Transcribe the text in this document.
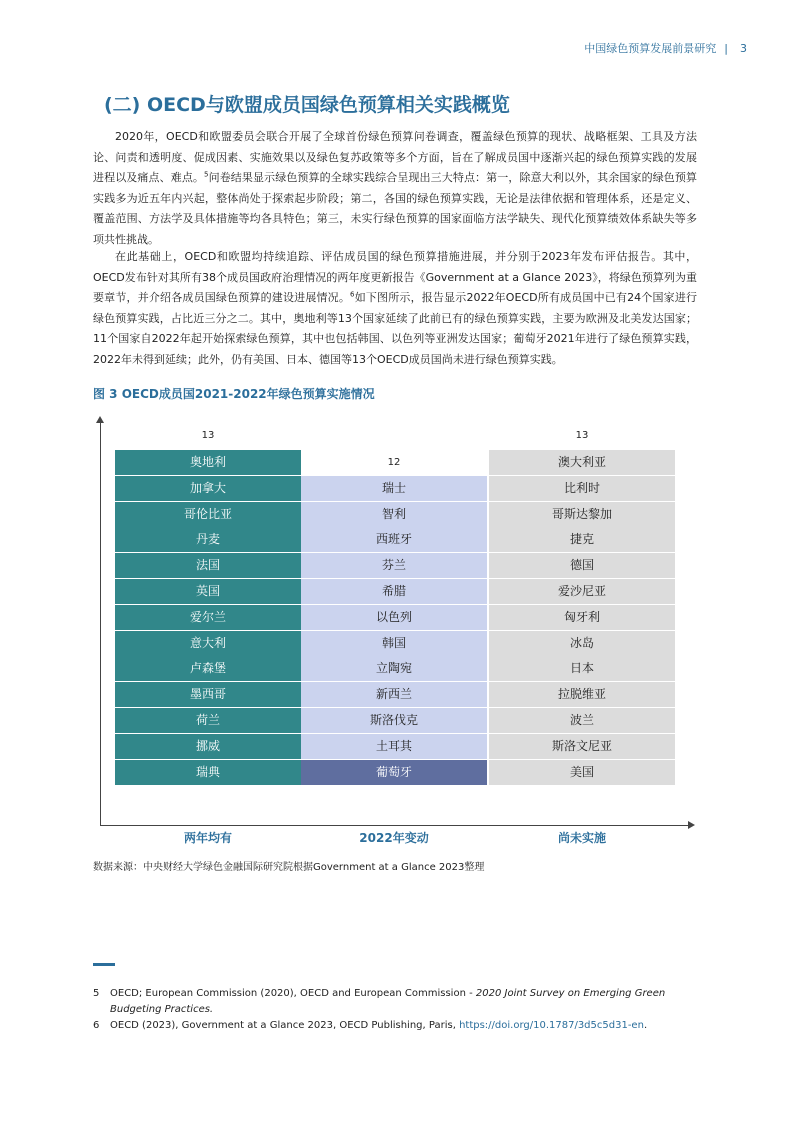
中国绿色预算发展前景研究 | 3
(二) OECD与欧盟成员国绿色预算相关实践概览

2020年，OECD和欧盟委员会联合开展了全球首份绿色预算问卷调查，覆盖绿色预算的现状、战略框架、工具及方法论、问责和透明度、促成因素、实施效果以及绿色复苏政策等多个方面，旨在了解成员国中逐渐兴起的绿色预算实践的发展进程以及痛点、难点。$^5$问卷结果显示绿色预算的全球实践综合呈现出三大特点：第一，除意大利以外，其余国家的绿色预算实践多为近五年内兴起，整体尚处于探索起步阶段；第二，各国的绿色预算实践，无论是法律依据和管理体系，还是定义、覆盖范围、方法学及具体措施等均各具特色；第三，未实行绿色预算的国家面临方法学缺失、现代化预算绩效体系缺失等多项共性挑战。

在此基础上，OECD和欧盟均持续追踪、评估成员国的绿色预算措施进展，并分别于2023年发布评估报告。其中，OECD发布针对其所有38个成员国政府治理情况的两年度更新报告《Government at a Glance 2023》，将绿色预算列为重要章节，并介绍各成员国绿色预算的建设进展情况。$^6$如下图所示，报告显示2022年OECD所有成员国中已有24个国家进行绿色预算实践，占比近三分之二。其中，奥地利等13个国家延续了此前已有的绿色预算实践，主要为欧洲及北美发达国家；11个国家自2022年起开始探索绿色预算，其中也包括韩国、以色列等亚洲发达国家；葡萄牙2021年进行了绿色预算实践，2022年未得到延续；此外，仍有美国、日本、德国等13个OECD成员国尚未进行绿色预算实践。

图 3 OECD成员国2021-2022年绿色预算实施情况
13
奥地利
加拿大
哥伦比亚
丹麦
法国
英国
爱尔兰
意大利
卢森堡
墨西哥
荷兰
挪威
瑞典
两年均有
12
瑞士
智利
西班牙
芬兰
希腊
以色列
韩国
立陶宛
新西兰
斯洛伐克
土耳其
葡萄牙
2022年变动
13
澳大利亚
比利时
哥斯达黎加
捷克
德国
爱沙尼亚
匈牙利
冰岛
日本
拉脱维亚
波兰
斯洛文尼亚
美国
尚未实施
数据来源：中央财经大学绿色金融国际研究院根据Government at a Glance 2023整理
5 OECD; European Commission (2020), OECD and European Commission - 2020 Joint Survey on Emerging Green Budgeting Practices.
6 OECD (2023), Government at a Glance 2023, OECD Publishing, Paris, https://doi.org/10.1787/3d5c5d31-en.
